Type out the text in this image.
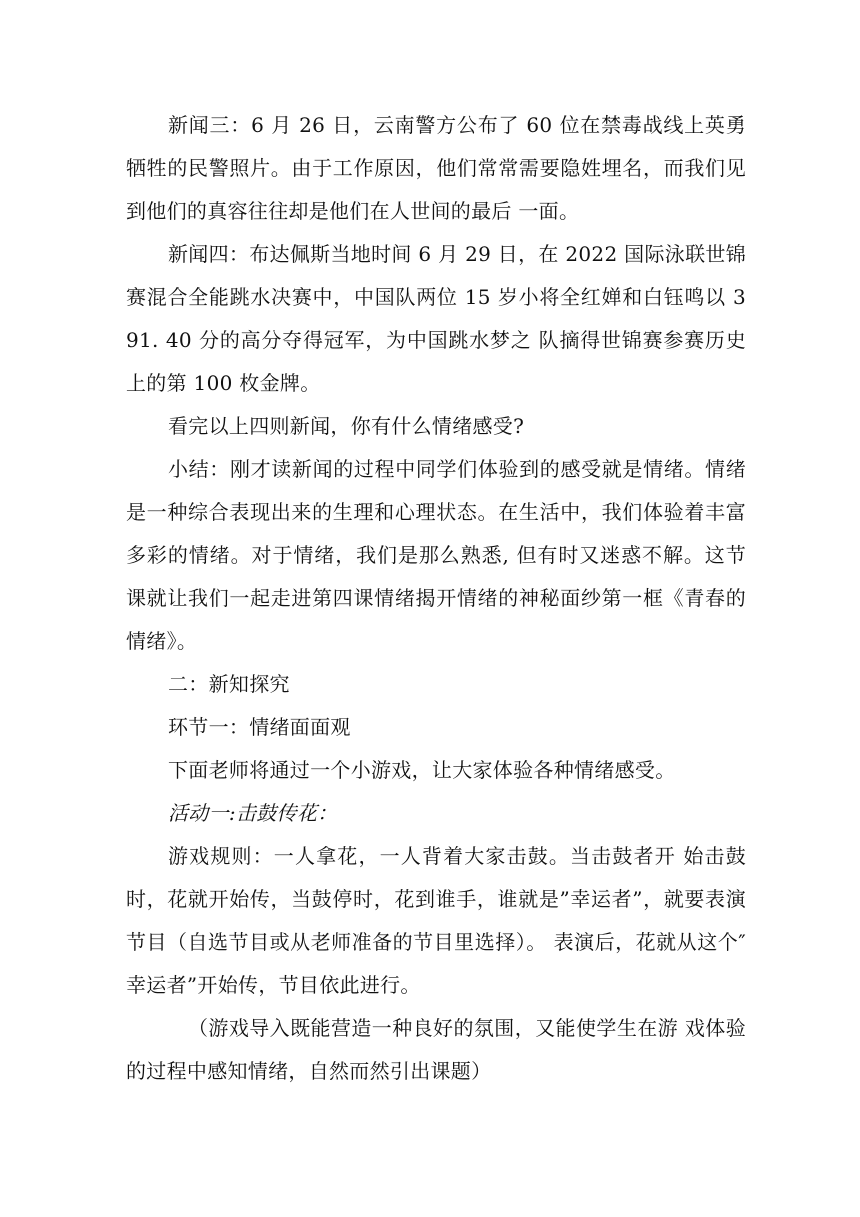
新闻三：6 月 26 日，云南警方公布了 60 位在禁毒战线上英勇牺牲的民警照片。由于工作原因，他们常常需要隐姓埋名，而我们见到他们的真容往往却是他们在人世间的最后 一面。

新闻四：布达佩斯当地时间 6 月 29 日，在 2022 国际泳联世锦赛混合全能跳水决赛中，中国队两位 15 岁小将全红婵和白钰鸣以 391. 40 分的高分夺得冠军，为中国跳水梦之 队摘得世锦赛参赛历史上的第 100 枚金牌。

看完以上四则新闻，你有什么情绪感受?

小结：刚才读新闻的过程中同学们体验到的感受就是情绪。情绪是一种综合表现出来的生理和心理状态。在生活中，我们体验着丰富多彩的情绪。对于情绪，我们是那么熟悉, 但有时又迷惑不解。这节课就让我们一起走进第四课情绪揭开情绪的神秘面纱第一框《青春的情绪》。

二：新知探究

环节一：情绪面面观

下面老师将通过一个小游戏，让大家体验各种情绪感受。

活动一:击鼓传花：

游戏规则：一人拿花，一人背着大家击鼓。当击鼓者开 始击鼓时，花就开始传，当鼓停时，花到谁手，谁就是”幸运者”，就要表演节目（自选节目或从老师准备的节目里选择）。 表演后，花就从这个″幸运者”开始传，节目依此进行。

（游戏导入既能营造一种良好的氛围，又能使学生在游 戏体验的过程中感知情绪，自然而然引出课题）
